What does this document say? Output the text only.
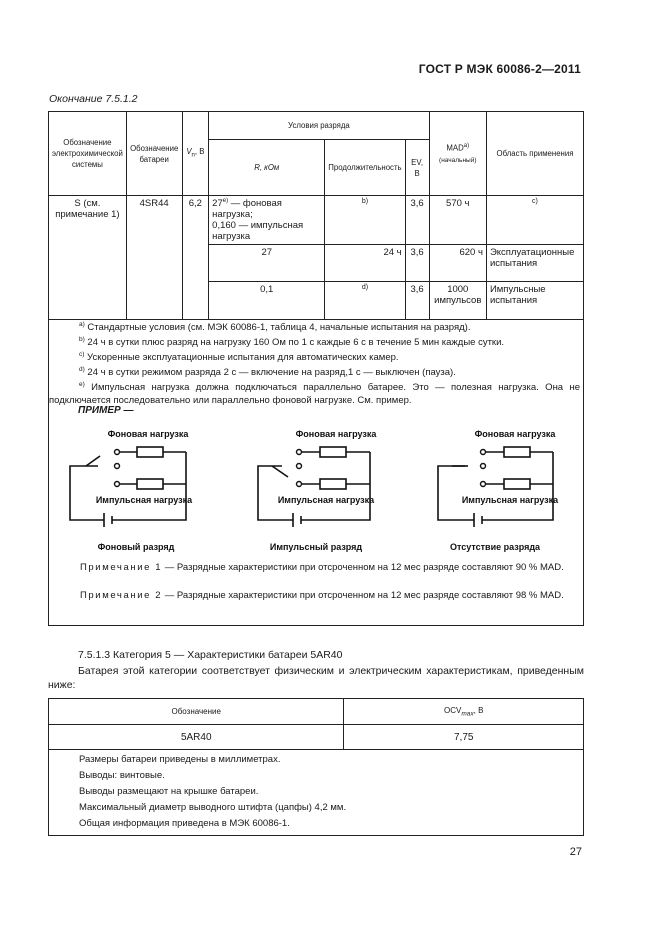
ГОСТ Р МЭК 60086-2—2011
Окончание 7.5.1.2
Обозначение электрохимической системы	Обозначение батареи	$V_n$, В	Условия разряда			MAD$^{a)}$
(начальный)	Область применения
			R, кОм	Продолжительность	EV, В		
S (см. примечание 1)	4SR44	6,2	27$^{e)}$ — фоновая нагрузка;
0,160 — импульсная нагрузка	b)	3,6	570 ч	c)
			27	24 ч	3,6	620 ч	Эксплуатационные испытания
			0,1	d)	3,6	1000 импульсов	Импульсные испытания
$^{a)}$ Стандартные условия (см. МЭК 60086-1, таблица 4, начальные испытания на разряд).
$^{b)}$ 24 ч в сутки плюс разряд на нагрузку 160 Ом по 1 с каждые 6 с в течение 5 мин каждые сутки.
$^{c)}$ Ускоренные эксплуатационные испытания для автоматических камер.
$^{d)}$ 24 ч в сутки режимом разряда 2 с — включение на разряд,1 с — выключен (пауза).
$^{e)}$ Импульсная нагрузка должна подключаться параллельно батарее. Это — полезная нагрузка. Она не подключается последовательно или параллельно фоновой нагрузке. См. пример.
ПРИМЕР —
Фоновая нагрузка	Фоновая нагрузка	Фоновая нагрузка
Импульсная нагрузка	Импульсная нагрузка	Импульсная нагрузка
Фоновый разряд	Импульсный разряд	Отсутствие разряда
Примечание 1 — Разрядные характеристики при отсроченном на 12 мес разряде составляют 90 % MAD.
Примечание 2 — Разрядные характеристики при отсроченном на 12 мес разряде составляют 98 % MAD.
7.5.1.3 Категория 5 — Характеристики батареи 5AR40
Батарея этой категории соответствует физическим и электрическим характеристикам, приведенным ниже:
Обозначение	$OCV_{max}$, В
5AR40	7,75
Размеры батареи приведены в миллиметрах.
Выводы: винтовые.
Выводы размещают на крышке батареи.
Максимальный диаметр выводного штифта (цапфы) 4,2 мм.
Общая информация приведена в МЭК 60086-1.
27
